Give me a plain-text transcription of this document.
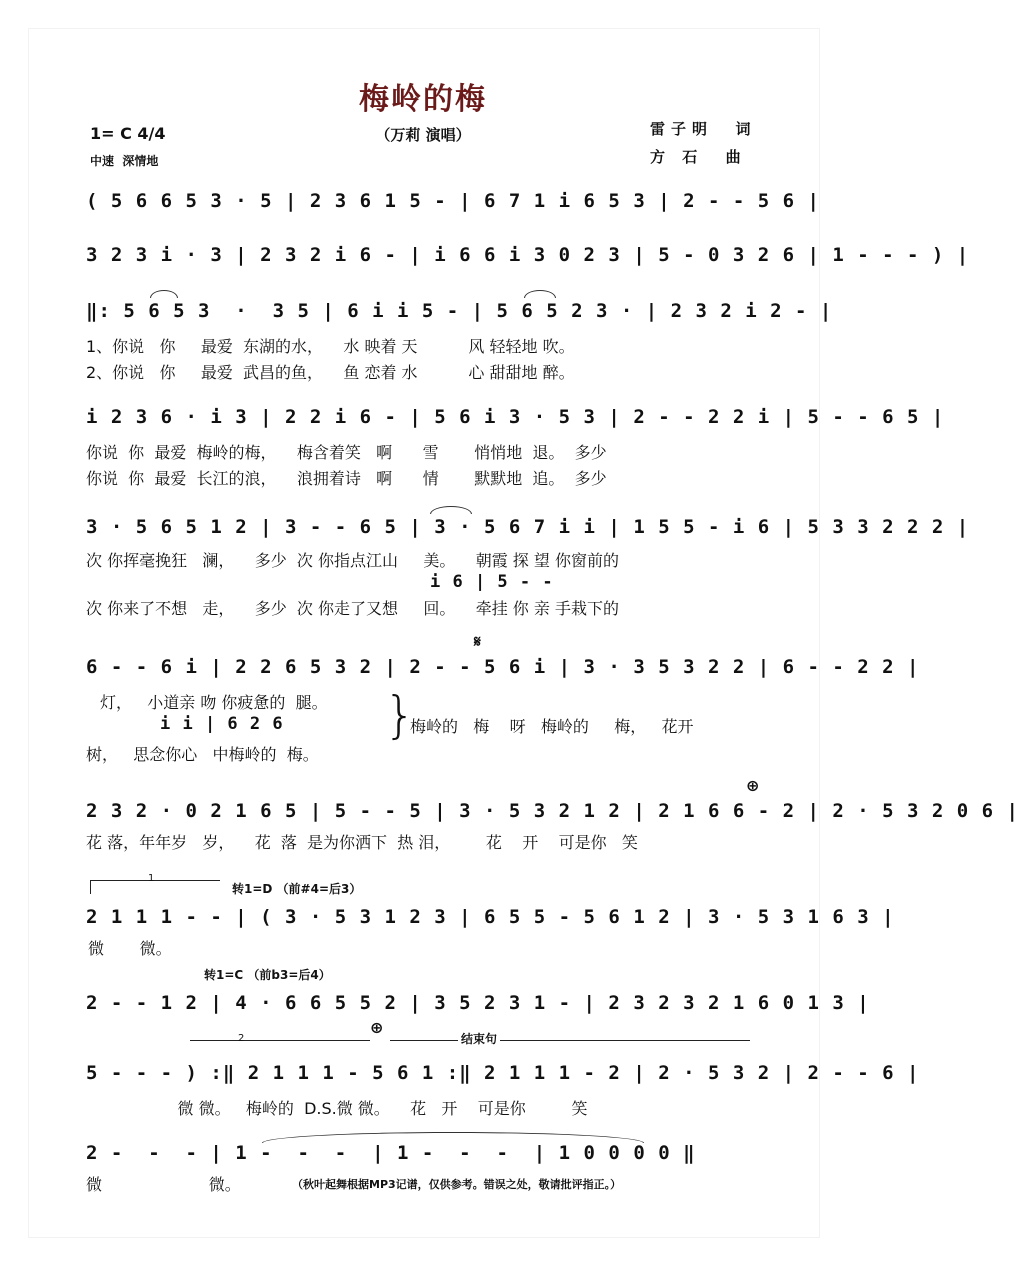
梅岭的梅
（万莉 演唱）
1= C 4/4
中速  深情地
雷子明  词
方 石  曲
( 5 6 6 5 3 · 5 | 2 3 6 1 5 - | 6 7 1 i 6 5 3 | 2 - - 5 6 |
3 2 3 i · 3 | 2 3 2 i 6 - | i 6 6 i 3 0 2 3 | 5 - 0 3 2 6 | 1 - - - ) |
‖: 5 6 5 3  ·  3 5 | 6 i i 5 - | 5 6 5 2 3 · | 2 3 2 i 2 - |
1、你说   你     最爱  东湖的水，    水 映着 天          风 轻轻地 吹。
2、你说   你     最爱  武昌的鱼，    鱼 恋着 水          心 甜甜地 醉。
i 2 3 6 · i 3 | 2 2 i 6 - | 5 6 i 3 · 5 3 | 2 - - 2 2 i | 5 - - 6 5 |
你说  你  最爱  梅岭的梅，    梅含着笑   啊      雪       悄悄地  退。  多少
你说  你  最爱  长江的浪，    浪拥着诗   啊      情       默默地  追。  多少
3 · 5 6 5 1 2 | 3 - - 6 5 | 3 · 5 6 7 i i | 1 5 5 - i 6 | 5 3 3 2 2 2 |
次 你挥毫挽狂   澜，    多少  次 你指点江山     美。    朝霞 探 望 你窗前的
i 6 | 5 - -
次 你来了不想   走，    多少  次 你走了又想     回。    牵挂 你 亲 手栽下的
𝄋
6 - - 6 i | 2 2 6 5 3 2 | 2 - - 5 6 i | 3 · 3 5 3 2 2 | 6 - - 2 2 |
灯，   小道亲 吻 你疲惫的  腿。
i i | 6 2 6
树，   思念你心   中梅岭的  梅。
}
梅岭的   梅    呀   梅岭的     梅，   花开
⊕
2 3 2 · 0 2 1 6 5 | 5 - - 5 | 3 · 5 3 2 1 2 | 2 1 6 6 - 2 | 2 · 5 3 2 0 6 |
花 落，年年岁   岁，    花  落  是为你洒下  热 泪，       花    开    可是你   笑
1
转1=D （前#4=后3）
2 1 1 1 - - | ( 3 · 5 3 1 2 3 | 6 5 5 - 5 6 1 2 | 3 · 5 3 1 6 3 |
微       微。
转1=C （前b3=后4）
2 - - 1 2 | 4 · 6 6 5 5 2 | 3 5 2 3 1 - | 2 3 2 3 2 1 6 0 1 3 |
2
⊕
结束句
5 - - - ) :‖ 2 1 1 1 - 5 6 1 :‖ 2 1 1 1 - 2 | 2 · 5 3 2 | 2 - - 6 |
微 微。   梅岭的  D.S.微 微。    花   开    可是你         笑
2 -  -  - | 1 -  -  -  | 1 -  -  -  | 1 0 0 0 0 ‖
微                     微。	（秋叶起舞根据MP3记谱，仅供参考。错误之处，敬请批评指正。）
